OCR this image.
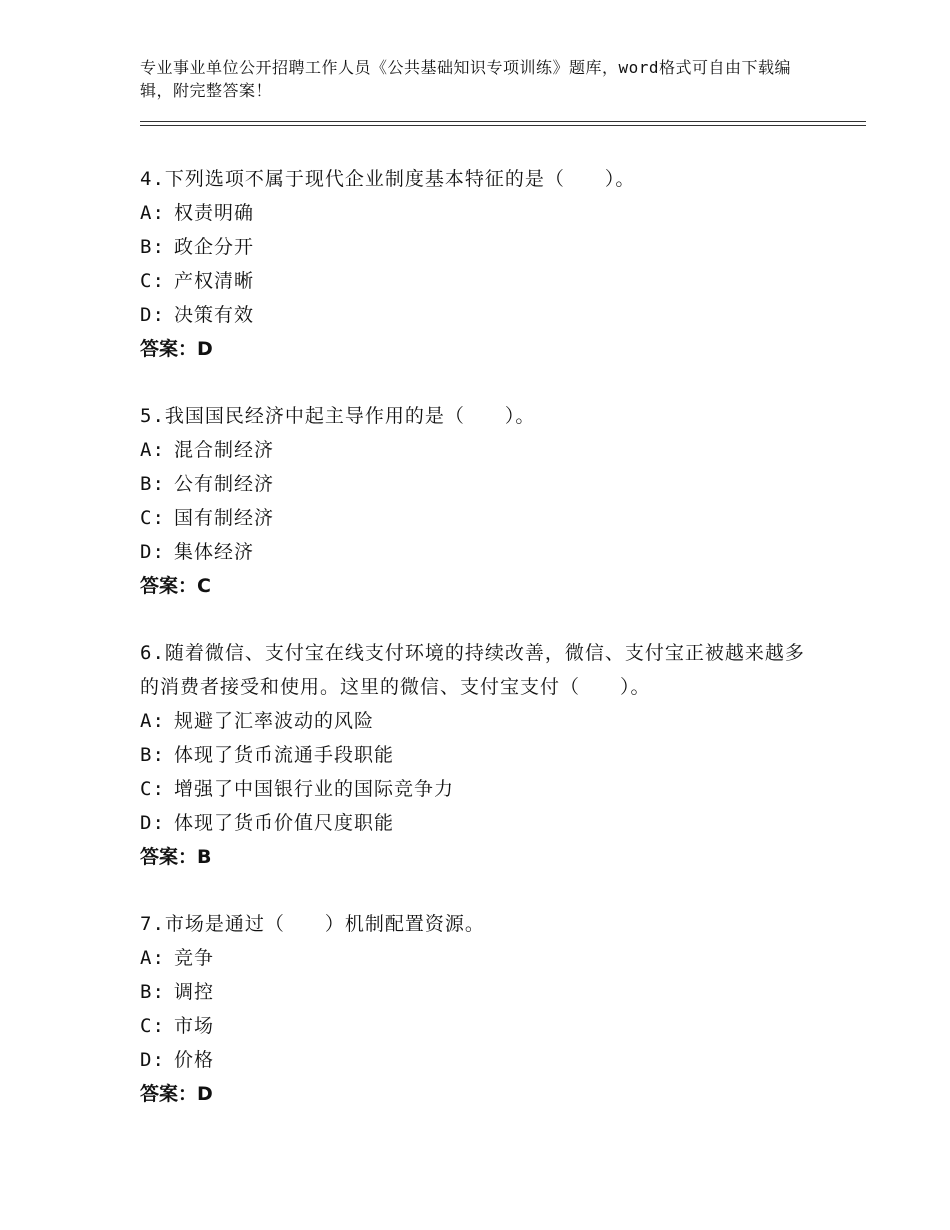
专业事业单位公开招聘工作人员《公共基础知识专项训练》题库，word格式可自由下载编辑，附完整答案！

4.下列选项不属于现代企业制度基本特征的是（　　）。

A: 权责明确

B: 政企分开

C: 产权清晰

D: 决策有效

答案：D

5.我国国民经济中起主导作用的是（　　）。

A: 混合制经济

B: 公有制经济

C: 国有制经济

D: 集体经济

答案：C

6.随着微信、支付宝在线支付环境的持续改善，微信、支付宝正被越来越多的消费者接受和使用。这里的微信、支付宝支付（　　）。

A: 规避了汇率波动的风险

B: 体现了货币流通手段职能

C: 增强了中国银行业的国际竞争力

D: 体现了货币价值尺度职能

答案：B

7.市场是通过（　　）机制配置资源。

A: 竞争

B: 调控

C: 市场

D: 价格

答案：D
